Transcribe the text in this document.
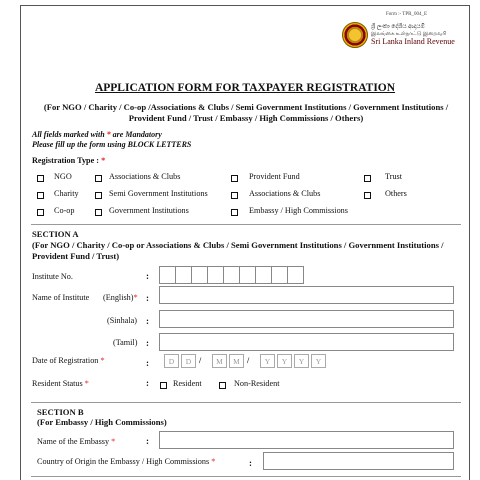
Form :- TPR_004_E
ශ්‍රී ලංකා දේශීය ආදායම්
இலங்கை உள்நாட்டு இறைவரி
Sri Lanka Inland Revenue
APPLICATION FORM FOR TAXPAYER REGISTRATION
(For NGO / Charity / Co-op /Associations & Clubs / Semi Government Institutions / Government Institutions / Provident Fund / Trust / Embassy / High Commissions / Others)
All fields marked with * are Mandatory
Please fill up the form using BLOCK LETTERS
Registration Type : *
NGO	Associations & Clubs	Provident Fund	Trust
Charity	Semi Government Institutions	Associations & Clubs	Others
Co-op	Government Institutions	Embassy / High Commissions
SECTION A
(For NGO / Charity / Co-op or Associations & Clubs / Semi Government Institutions / Government Institutions / Provident Fund / Trust)
Institute No.	:
Name of Institute (English)* :
(Sinhala) :
(Tamil) :
Date of Registration *	:	D	D /	M	M /	Y	Y	Y	Y
Resident Status *	:	Resident	Non-Resident
SECTION B
(For Embassy / High Commissions)
Name of the Embassy *	:
Country of Origin the Embassy / High Commissions *	:
